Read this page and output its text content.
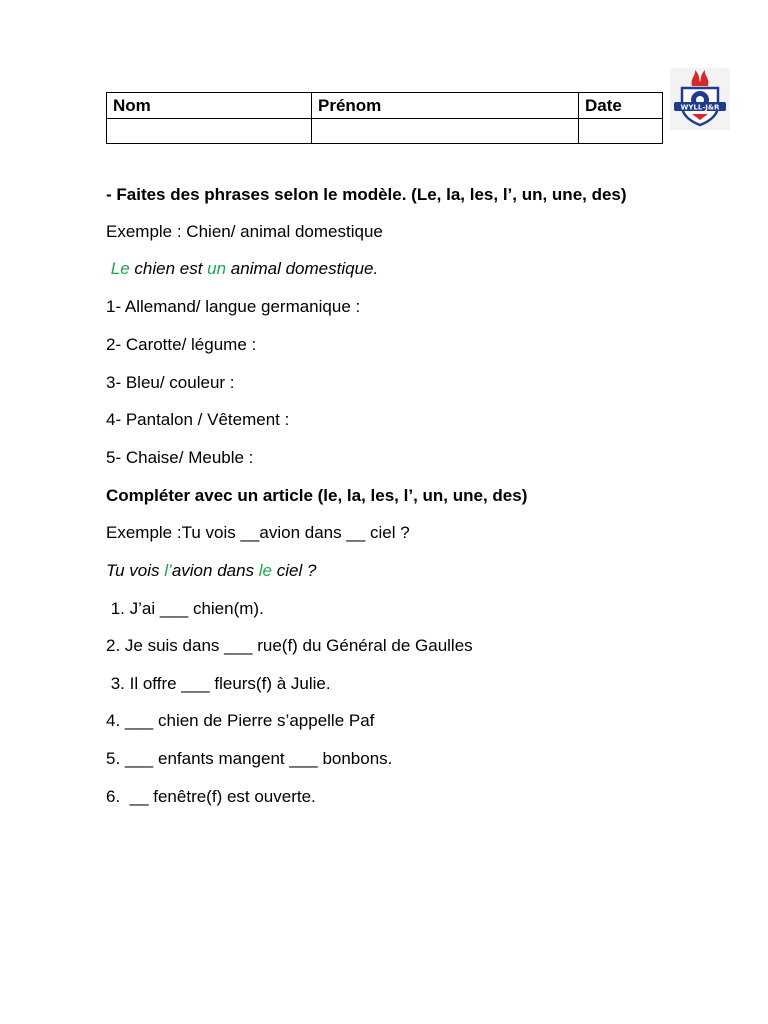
Nom	Prénom	Date
			WYLL-J&R
- Faites des phrases selon le modèle. (Le, la, les, l’, un, une, des)
Exemple : Chien/ animal domestique
Le chien est un animal domestique.
1- Allemand/ langue germanique :
2- Carotte/ légume :
3- Bleu/ couleur :
4- Pantalon / Vêtement :
5- Chaise/ Meuble :
Compléter avec un article (le, la, les, l’, un, une, des)
Exemple :Tu vois __avion dans __ ciel ?
Tu vois l’avion dans le ciel ?
1. J’ai ___ chien(m).
2. Je suis dans ___ rue(f) du Général de Gaulles
3. Il offre ___ fleurs(f) à Julie.
4. ___ chien de Pierre s’appelle Paf
5. ___ enfants mangent ___ bonbons.
6.  __ fenêtre(f) est ouverte.
